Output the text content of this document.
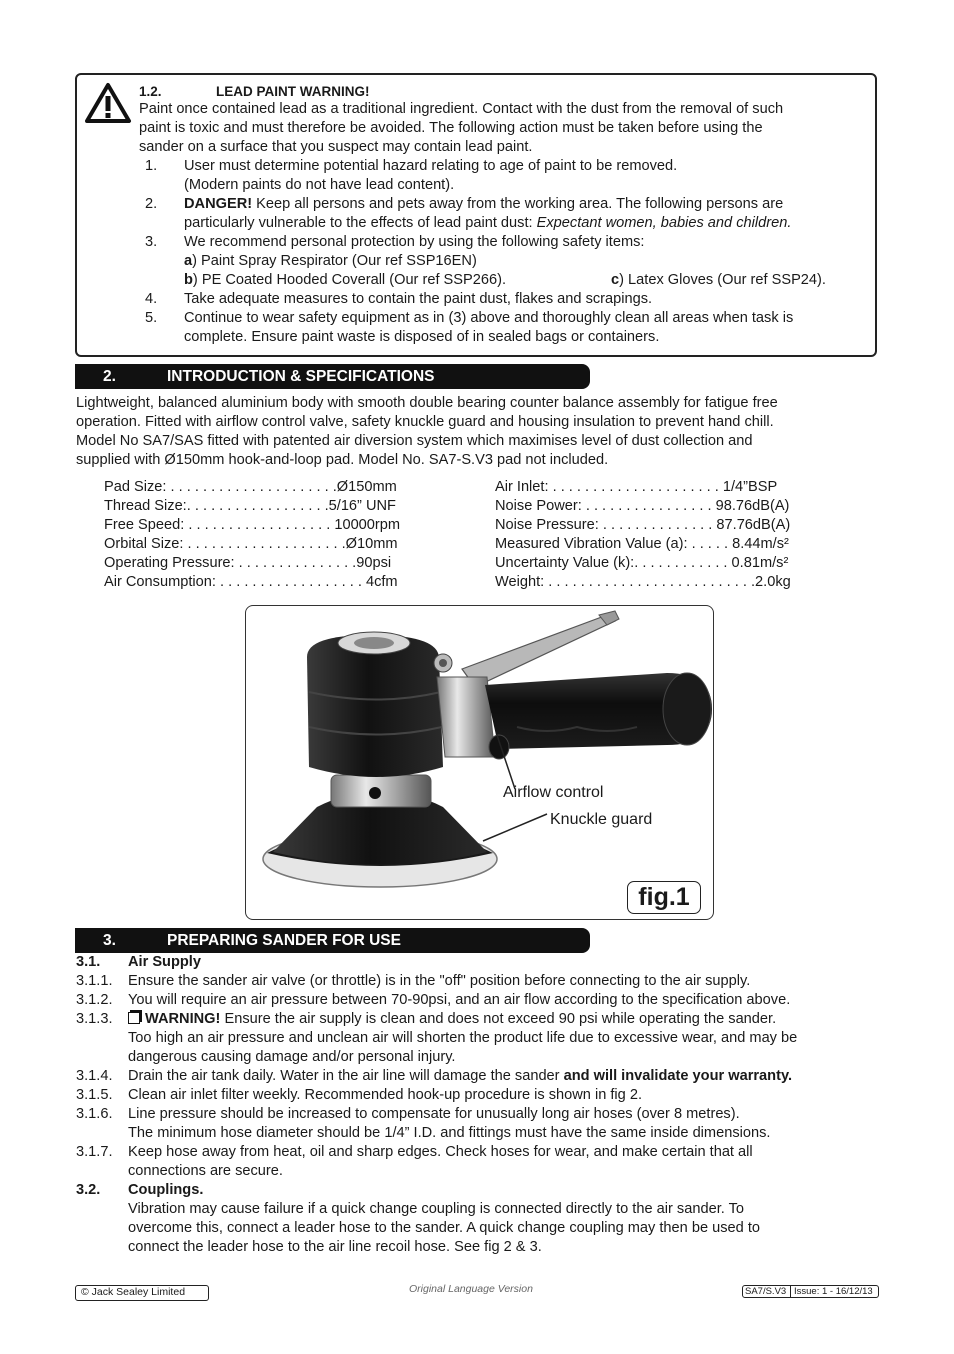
1.2.	LEAD PAINT WARNING!
Paint once contained lead as a traditional ingredient. Contact with the dust from the removal of such
paint is toxic and must therefore be avoided. The following action must be taken before using the
sander on a surface that you suspect may contain lead paint.
1. User must determine potential hazard relating to age of paint to be removed.
(Modern paints do not have lead content).
2. DANGER! Keep all persons and pets away from the working area. The following persons are
particularly vulnerable to the effects of lead paint dust: Expectant women, babies and children.
3. We recommend personal protection by using the following safety items:
a) Paint Spray Respirator (Our ref SSP16EN)
b) PE Coated Hooded Coverall (Our ref SSP266).	c) Latex Gloves (Our ref SSP24).
4. Take adequate measures to contain the paint dust, flakes and scrapings.
5. Continue to wear safety equipment as in (3) above and thoroughly clean all areas when task is
complete. Ensure paint waste is disposed of in sealed bags or containers.
2.	INTRODUCTION & SPECIFICATIONS
Lightweight, balanced aluminium body with smooth double bearing counter balance assembly for fatigue free
operation. Fitted with airflow control valve, safety knuckle guard and housing insulation to prevent hand chill.
Model No SA7/SAS fitted with patented air diversion system which maximises level of dust collection and
supplied with Ø150mm hook-and-loop pad. Model No. SA7-S.V3 pad not included.
Pad Size: . . . . . . . . . . . . . . . . . . . . .Ø150mm
Thread Size:. . . . . . . . . . . . . . . . . .5/16” UNF
Free Speed: . . . . . . . . . . . . . . . . . . 10000rpm
Orbital Size: . . . . . . . . . . . . . . . . . . . .Ø10mm
Operating Pressure: . . . . . . . . . . . . . . .90psi
Air Consumption: . . . . . . . . . . . . . . . . . . 4cfm
Air Inlet: . . . . . . . . . . . . . . . . . . . . . 1/4”BSP
Noise Power: . . . . . . . . . . . . . . . . 98.76dB(A)
Noise Pressure: . . . . . . . . . . . . . . 87.76dB(A)
Measured Vibration Value (a): . . . . . 8.44m/s²
Uncertainty Value (k):. . . . . . . . . . . . 0.81m/s²
Weight: . . . . . . . . . . . . . . . . . . . . . . . . . .2.0kg
Airflow control
Knuckle guard
fig.1
3.	PREPARING SANDER FOR USE
3.1. Air Supply
3.1.1. Ensure the sander air valve (or throttle) is in the "off" position before connecting to the air supply.
3.1.2. You will require an air pressure between 70-90psi, and an air flow according to the specification above.
3.1.3.	WARNING! Ensure the air supply is clean and does not exceed 90 psi while operating the sander.
Too high an air pressure and unclean air will shorten the product life due to excessive wear, and may be
dangerous causing damage and/or personal injury.
3.1.4. Drain the air tank daily. Water in the air line will damage the sander and will invalidate your warranty.
3.1.5. Clean air inlet filter weekly. Recommended hook-up procedure is shown in fig 2.
3.1.6. Line pressure should be increased to compensate for unusually long air hoses (over 8 metres).
The minimum hose diameter should be 1/4” I.D. and fittings must have the same inside dimensions.
3.1.7. Keep hose away from heat, oil and sharp edges. Check hoses for wear, and make certain that all
connections are secure.
3.2. Couplings.
Vibration may cause failure if a quick change coupling is connected directly to the air sander. To
overcome this, connect a leader hose to the sander. A quick change coupling may then be used to
connect the leader hose to the air line recoil hose. See fig 2 & 3.
© Jack Sealey Limited	Original Language Version	SA7/S.V3 Issue: 1 - 16/12/13
